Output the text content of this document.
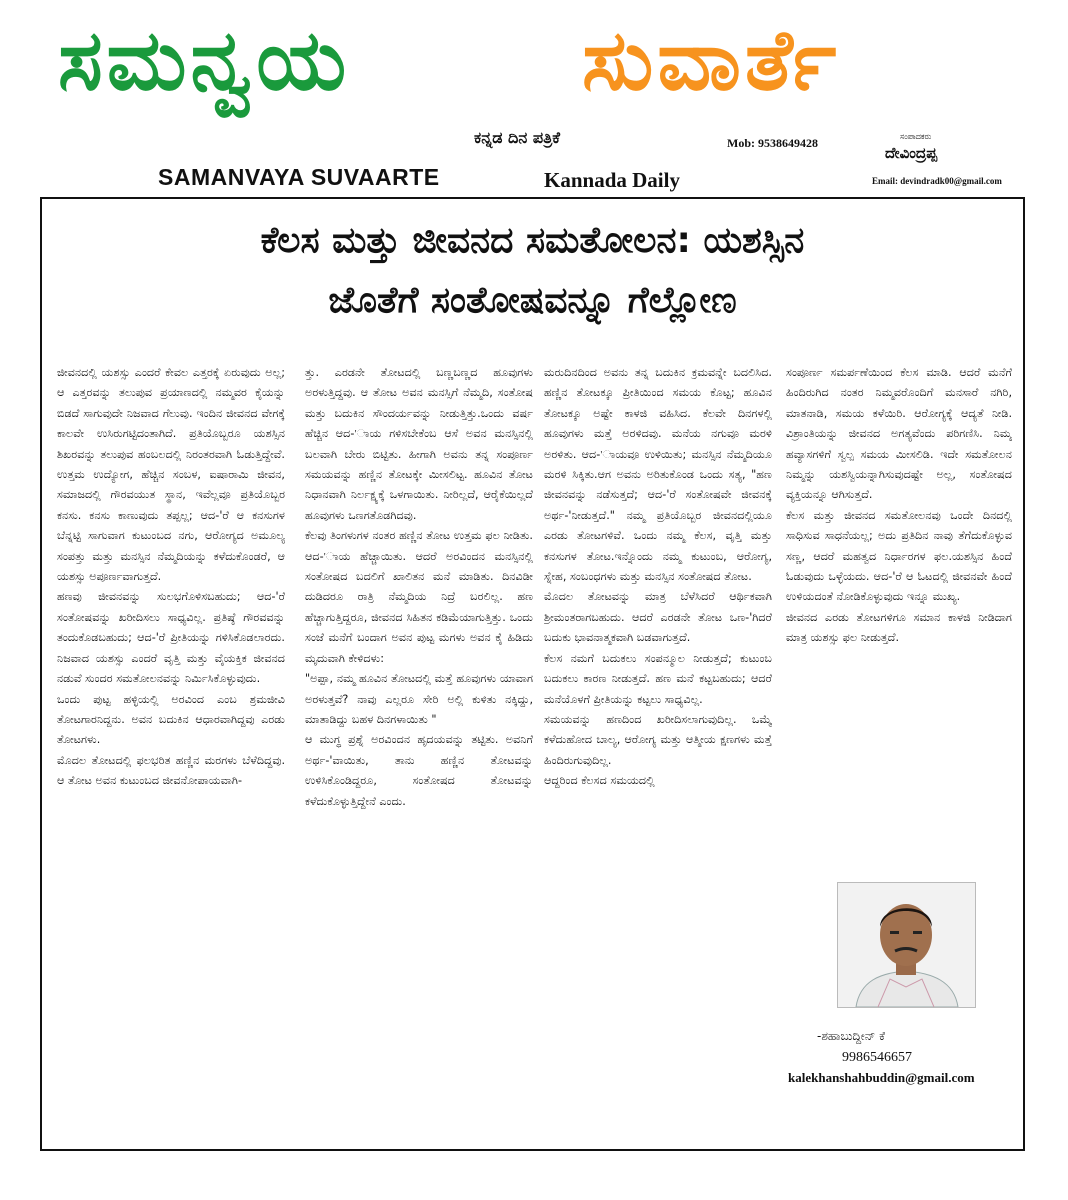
ಸಮನ್ವಯ	ಸುವಾರ್ತೆ
ಕನ್ನಡ ದಿನ ಪತ್ರಿಕೆ	Mob: 9538649428	ಸಂಪಾದಕರು
ದೇವಿಂದ್ರಪ್ಪ
Email: devindradk00@gmail.com
SAMANVAYA SUVAARTE	Kannada Daily
ಕೆಲಸ ಮತ್ತು ಜೀವನದ ಸಮತೋಲನ: ಯಶಸ್ಸಿನ
ಜೊತೆಗೆ ಸಂತೋಷವನ್ನೂ ಗೆಲ್ಲೋಣ

ಜೀವನದಲ್ಲಿ ಯಶಸ್ಸು ಎಂದರೆ ಕೇವಲ ಎತ್ತರಕ್ಕೆ ಏರುವುದು ಅಲ್ಲ; ಆ ಎತ್ತರವನ್ನು ತಲುಪುವ ಪ್ರಯಾಣದಲ್ಲಿ ನಮ್ಮವರ ಕೈಯನ್ನು ಬಿಡದೆ ಸಾಗುವುದೇ ನಿಜವಾದ ಗೆಲುವು. ಇಂದಿನ ಜೀವನದ ವೇಗಕ್ಕೆ ಕಾಲವೇ ಉಸಿರುಗಟ್ಟಿದಂತಾಗಿದೆ. ಪ್ರತಿಯೊಬ್ಬರೂ ಯಶಸ್ಸಿನ ಶಿಖರವನ್ನು ತಲುಪುವ ಹಂಬಲದಲ್ಲಿ ನಿರಂತರವಾಗಿ ಓಡುತ್ತಿದ್ದೇವೆ. ಉತ್ತಮ ಉದ್ಯೋಗ, ಹೆಚ್ಚಿನ ಸಂಬಳ, ಐಷಾರಾಮಿ ಜೀವನ, ಸಮಾಜದಲ್ಲಿ ಗೌರವಯುತ ಸ್ಥಾನ, ಇವೆಲ್ಲವೂ ಪ್ರತಿಯೊಬ್ಬರ ಕನಸು. ಕನಸು ಕಾಣುವುದು ತಪ್ಪಲ್ಲ; ಆದ-'ರೆ ಆ ಕನಸುಗಳ ಬೆನ್ನಟ್ಟಿ ಸಾಗುವಾಗ ಕುಟುಂಬದ ನಗು, ಆರೋಗ್ಯದ ಅಮೂಲ್ಯ ಸಂಪತ್ತು ಮತ್ತು ಮನಸ್ಸಿನ ನೆಮ್ಮದಿಯನ್ನು ಕಳೆದುಕೊಂಡರೆ, ಆ ಯಶಸ್ಸು ಅಪೂರ್ಣವಾಗುತ್ತದೆ.

ಹಣವು ಜೀವನವನ್ನು ಸುಲಭಗೊಳಿಸಬಹುದು; ಆದ-'ರೆ ಸಂತೋಷವನ್ನು ಖರೀದಿಸಲು ಸಾಧ್ಯವಿಲ್ಲ. ಪ್ರತಿಷ್ಠೆ ಗೌರವವನ್ನು ತಂದುಕೊಡಬಹುದು; ಆದ-'ರೆ ಪ್ರೀತಿಯನ್ನು ಗಳಿಸಿಕೊಡಲಾರದು. ನಿಜವಾದ ಯಶಸ್ಸು ಎಂದರೆ ವೃತ್ತಿ ಮತ್ತು ವೈಯಕ್ತಿಕ ಜೀವನದ ನಡುವೆ ಸುಂದರ ಸಮತೋಲನವನ್ನು ನಿರ್ಮಿಸಿಕೊಳ್ಳುವುದು.

ಒಂದು ಪುಟ್ಟ ಹಳ್ಳಿಯಲ್ಲಿ ಅರವಿಂದ ಎಂಬ ಶ್ರಮಜೀವಿ ತೋಟಗಾರನಿದ್ದನು. ಅವನ ಬದುಕಿನ ಆಧಾರವಾಗಿದ್ದವು ಎರಡು ತೋಟಗಳು.

ಮೊದಲ ತೋಟದಲ್ಲಿ ಫಲಭರಿತ ಹಣ್ಣಿನ ಮರಗಳು ಬೆಳೆದಿದ್ದವು. ಆ ತೋಟ ಅವನ ಕುಟುಂಬದ ಜೀವನೋಪಾಯವಾಗಿ-

ತ್ತು. ಎರಡನೇ ತೋಟದಲ್ಲಿ ಬಣ್ಣಬಣ್ಣದ ಹೂವುಗಳು ಅರಳುತ್ತಿದ್ದವು. ಆ ತೋಟ ಅವನ ಮನಸ್ಸಿಗೆ ನೆಮ್ಮದಿ, ಸಂತೋಷ ಮತ್ತು ಬದುಕಿನ ಸೌಂದರ್ಯವನ್ನು ನೀಡುತ್ತಿತ್ತು.ಒಂದು ವರ್ಷ ಹೆಚ್ಚಿನ ಆದ-'ಾಯ ಗಳಿಸಬೇಕೆಂಬ ಆಸೆ ಅವನ ಮನಸ್ಸಿನಲ್ಲಿ ಬಲವಾಗಿ ಬೇರು ಬಿಟ್ಟಿತು. ಹೀಗಾಗಿ ಅವನು ತನ್ನ ಸಂಪೂರ್ಣ ಸಮಯವನ್ನು ಹಣ್ಣಿನ ತೋಟಕ್ಕೇ ಮೀಸಲಿಟ್ಟ. ಹೂವಿನ ತೋಟ ನಿಧಾನವಾಗಿ ನಿರ್ಲಕ್ಷ್ಯಕ್ಕೆ ಒಳಗಾಯಿತು. ನೀರಿಲ್ಲದೆ, ಆರೈಕೆಯಿಲ್ಲದೆ ಹೂವುಗಳು ಒಣಗತೊಡಗಿದವು.

ಕೆಲವು ತಿಂಗಳುಗಳ ನಂತರ ಹಣ್ಣಿನ ತೋಟ ಉತ್ತಮ ಫಲ ನೀಡಿತು. ಆದ-'ಾಯ ಹೆಚ್ಚಾಯಿತು. ಆದರೆ ಅರವಿಂದನ ಮನಸ್ಸಿನಲ್ಲಿ ಸಂತೋಷದ ಬದಲಿಗೆ ಖಾಲಿತನ ಮನೆ ಮಾಡಿತು. ದಿನವಿಡೀ ದುಡಿದರೂ ರಾತ್ರಿ ನೆಮ್ಮದಿಯ ನಿದ್ರೆ ಬರಲಿಲ್ಲ. ಹಣ ಹೆಚ್ಚಾಗುತ್ತಿದ್ದರೂ, ಜೀವನದ ಸಿಹಿತನ ಕಡಿಮೆಯಾಗುತ್ತಿತ್ತು. ಒಂದು ಸಂಜೆ ಮನೆಗೆ ಬಂದಾಗ ಅವನ ಪುಟ್ಟ ಮಗಳು ಅವನ ಕೈ ಹಿಡಿದು ಮೃದುವಾಗಿ ಕೇಳಿದಳು:

"ಅಪ್ಪಾ, ನಮ್ಮ ಹೂವಿನ ತೋಟದಲ್ಲಿ ಮತ್ತೆ ಹೂವುಗಳು ಯಾವಾಗ ಅರಳುತ್ತವೆ? ನಾವು ಎಲ್ಲರೂ ಸೇರಿ ಅಲ್ಲಿ ಕುಳಿತು ನಕ್ಕಿದ್ದು, ಮಾತಾಡಿದ್ದು ಬಹಳ ದಿನಗಳಾಯಿತು "

ಆ ಮುಗ್ಧ ಪ್ರಶ್ನೆ ಅರವಿಂದನ ಹೃದಯವನ್ನು ತಟ್ಟಿತು. ಅವನಿಗೆ ಅರ್ಥ-'ವಾಯಿತು, ತಾನು ಹಣ್ಣಿನ ತೋಟವನ್ನು ಉಳಿಸಿಕೊಂಡಿದ್ದರೂ, ಸಂತೋಷದ ತೋಟವನ್ನು ಕಳೆದುಕೊಳ್ಳುತ್ತಿದ್ದೇನೆ ಎಂದು.

ಮರುದಿನದಿಂದ ಅವನು ತನ್ನ ಬದುಕಿನ ಕ್ರಮವನ್ನೇ ಬದಲಿಸಿದ. ಹಣ್ಣಿನ ತೋಟಕ್ಕೂ ಪ್ರೀತಿಯಿಂದ ಸಮಯ ಕೊಟ್ಟ; ಹೂವಿನ ತೋಟಕ್ಕೂ ಅಷ್ಟೇ ಕಾಳಜಿ ವಹಿಸಿದ. ಕೆಲವೇ ದಿನಗಳಲ್ಲಿ ಹೂವುಗಳು ಮತ್ತೆ ಅರಳಿದವು. ಮನೆಯ ನಗುವೂ ಮರಳಿ ಅರಳಿತು. ಆದ-'ಾಯವೂ ಉಳಿಯಿತು; ಮನಸ್ಸಿನ ನೆಮ್ಮದಿಯೂ ಮರಳಿ ಸಿಕ್ಕಿತು.ಆಗ ಅವನು ಅರಿತುಕೊಂಡ ಒಂದು ಸತ್ಯ, "ಹಣ ಜೀವನವನ್ನು ನಡೆಸುತ್ತದೆ; ಆದ-'ರೆ ಸಂತೋಷವೇ ಜೀವನಕ್ಕೆ ಅರ್ಥ-'ನೀಡುತ್ತದೆ." ನಮ್ಮ ಪ್ರತಿಯೊಬ್ಬರ ಜೀವನದಲ್ಲಿಯೂ ಎರಡು ತೋಟಗಳಿವೆ. ಒಂದು ನಮ್ಮ ಕೆಲಸ, ವೃತ್ತಿ ಮತ್ತು ಕನಸುಗಳ ತೋಟ.ಇನ್ನೊಂದು ನಮ್ಮ ಕುಟುಂಬ, ಆರೋಗ್ಯ, ಸ್ನೇಹ, ಸಂಬಂಧಗಳು ಮತ್ತು ಮನಸ್ಸಿನ ಸಂತೋಷದ ತೋಟ.

ಮೊದಲ ತೋಟವನ್ನು ಮಾತ್ರ ಬೆಳೆಸಿದರೆ ಆರ್ಥಿಕವಾಗಿ ಶ್ರೀಮಂತರಾಗಬಹುದು. ಆದರೆ ಎರಡನೇ ತೋಟ ಒಣ-'ಗಿದರೆ ಬದುಕು ಭಾವನಾತ್ಮಕವಾಗಿ ಬಡವಾಗುತ್ತದೆ.

ಕೆಲಸ ನಮಗೆ ಬದುಕಲು ಸಂಪನ್ಮೂಲ ನೀಡುತ್ತದೆ; ಕುಟುಂಬ ಬದುಕಲು ಕಾರಣ ನೀಡುತ್ತದೆ. ಹಣ ಮನೆ ಕಟ್ಟಬಹುದು; ಆದರೆ ಮನೆಯೊಳಗೆ ಪ್ರೀತಿಯನ್ನು ಕಟ್ಟಲು ಸಾಧ್ಯವಿಲ್ಲ.

ಸಮಯವನ್ನು ಹಣದಿಂದ ಖರೀದಿಸಲಾಗುವುದಿಲ್ಲ. ಒಮ್ಮೆ ಕಳೆದುಹೋದ ಬಾಲ್ಯ, ಆರೋಗ್ಯ ಮತ್ತು ಆತ್ಮೀಯ ಕ್ಷಣಗಳು ಮತ್ತೆ ಹಿಂದಿರುಗುವುದಿಲ್ಲ.

ಆದ್ದರಿಂದ ಕೆಲಸದ ಸಮಯದಲ್ಲಿ

ಸಂಪೂರ್ಣ ಸಮರ್ಪಣೆಯಿಂದ ಕೆಲಸ ಮಾಡಿ. ಆದರೆ ಮನೆಗೆ ಹಿಂದಿರುಗಿದ ನಂತರ ನಿಮ್ಮವರೊಂದಿಗೆ ಮನಸಾರೆ ನಗಿರಿ, ಮಾತನಾಡಿ, ಸಮಯ ಕಳೆಯಿರಿ. ಆರೋಗ್ಯಕ್ಕೆ ಆದ್ಯತೆ ನೀಡಿ. ವಿಶ್ರಾಂತಿಯನ್ನು ಜೀವನದ ಅಗತ್ಯವೆಂದು ಪರಿಗಣಿಸಿ. ನಿಮ್ಮ ಹವ್ಯಾಸಗಳಿಗೆ ಸ್ವಲ್ಪ ಸಮಯ ಮೀಸಲಿಡಿ. ಇದೇ ಸಮತೋಲನ ನಿಮ್ಮನ್ನು ಯಶಸ್ವಿಯನ್ನಾಗಿಸುವುದಷ್ಟೇ ಅಲ್ಲ, ಸಂತೋಷದ ವ್ಯಕ್ತಿಯನ್ನೂ ಆಗಿಸುತ್ತದೆ.

ಕೆಲಸ ಮತ್ತು ಜೀವನದ ಸಮತೋಲನವು ಒಂದೇ ದಿನದಲ್ಲಿ ಸಾಧಿಸುವ ಸಾಧನೆಯಲ್ಲ; ಅದು ಪ್ರತಿದಿನ ನಾವು ತೆಗೆದುಕೊಳ್ಳುವ ಸಣ್ಣ, ಆದರೆ ಮಹತ್ವದ ನಿರ್ಧಾರಗಳ ಫಲ.ಯಶಸ್ಸಿನ ಹಿಂದೆ ಓಡುವುದು ಒಳ್ಳೆಯದು. ಆದ-'ರೆ ಆ ಓಟದಲ್ಲಿ ಜೀವನವೇ ಹಿಂದೆ ಉಳಿಯದಂತೆ ನೋಡಿಕೊಳ್ಳುವುದು ಇನ್ನೂ ಮುಖ್ಯ.

ಜೀವನದ ಎರಡು ತೋಟಗಳಿಗೂ ಸಮಾನ ಕಾಳಜಿ ನೀಡಿದಾಗ ಮಾತ್ರ ಯಶಸ್ಸು ಫಲ ನೀಡುತ್ತದೆ.

-ಶಹಾಬುದ್ದೀನ್ ಕೆ
9986546657
kalekhanshahbuddin@gmail.com
